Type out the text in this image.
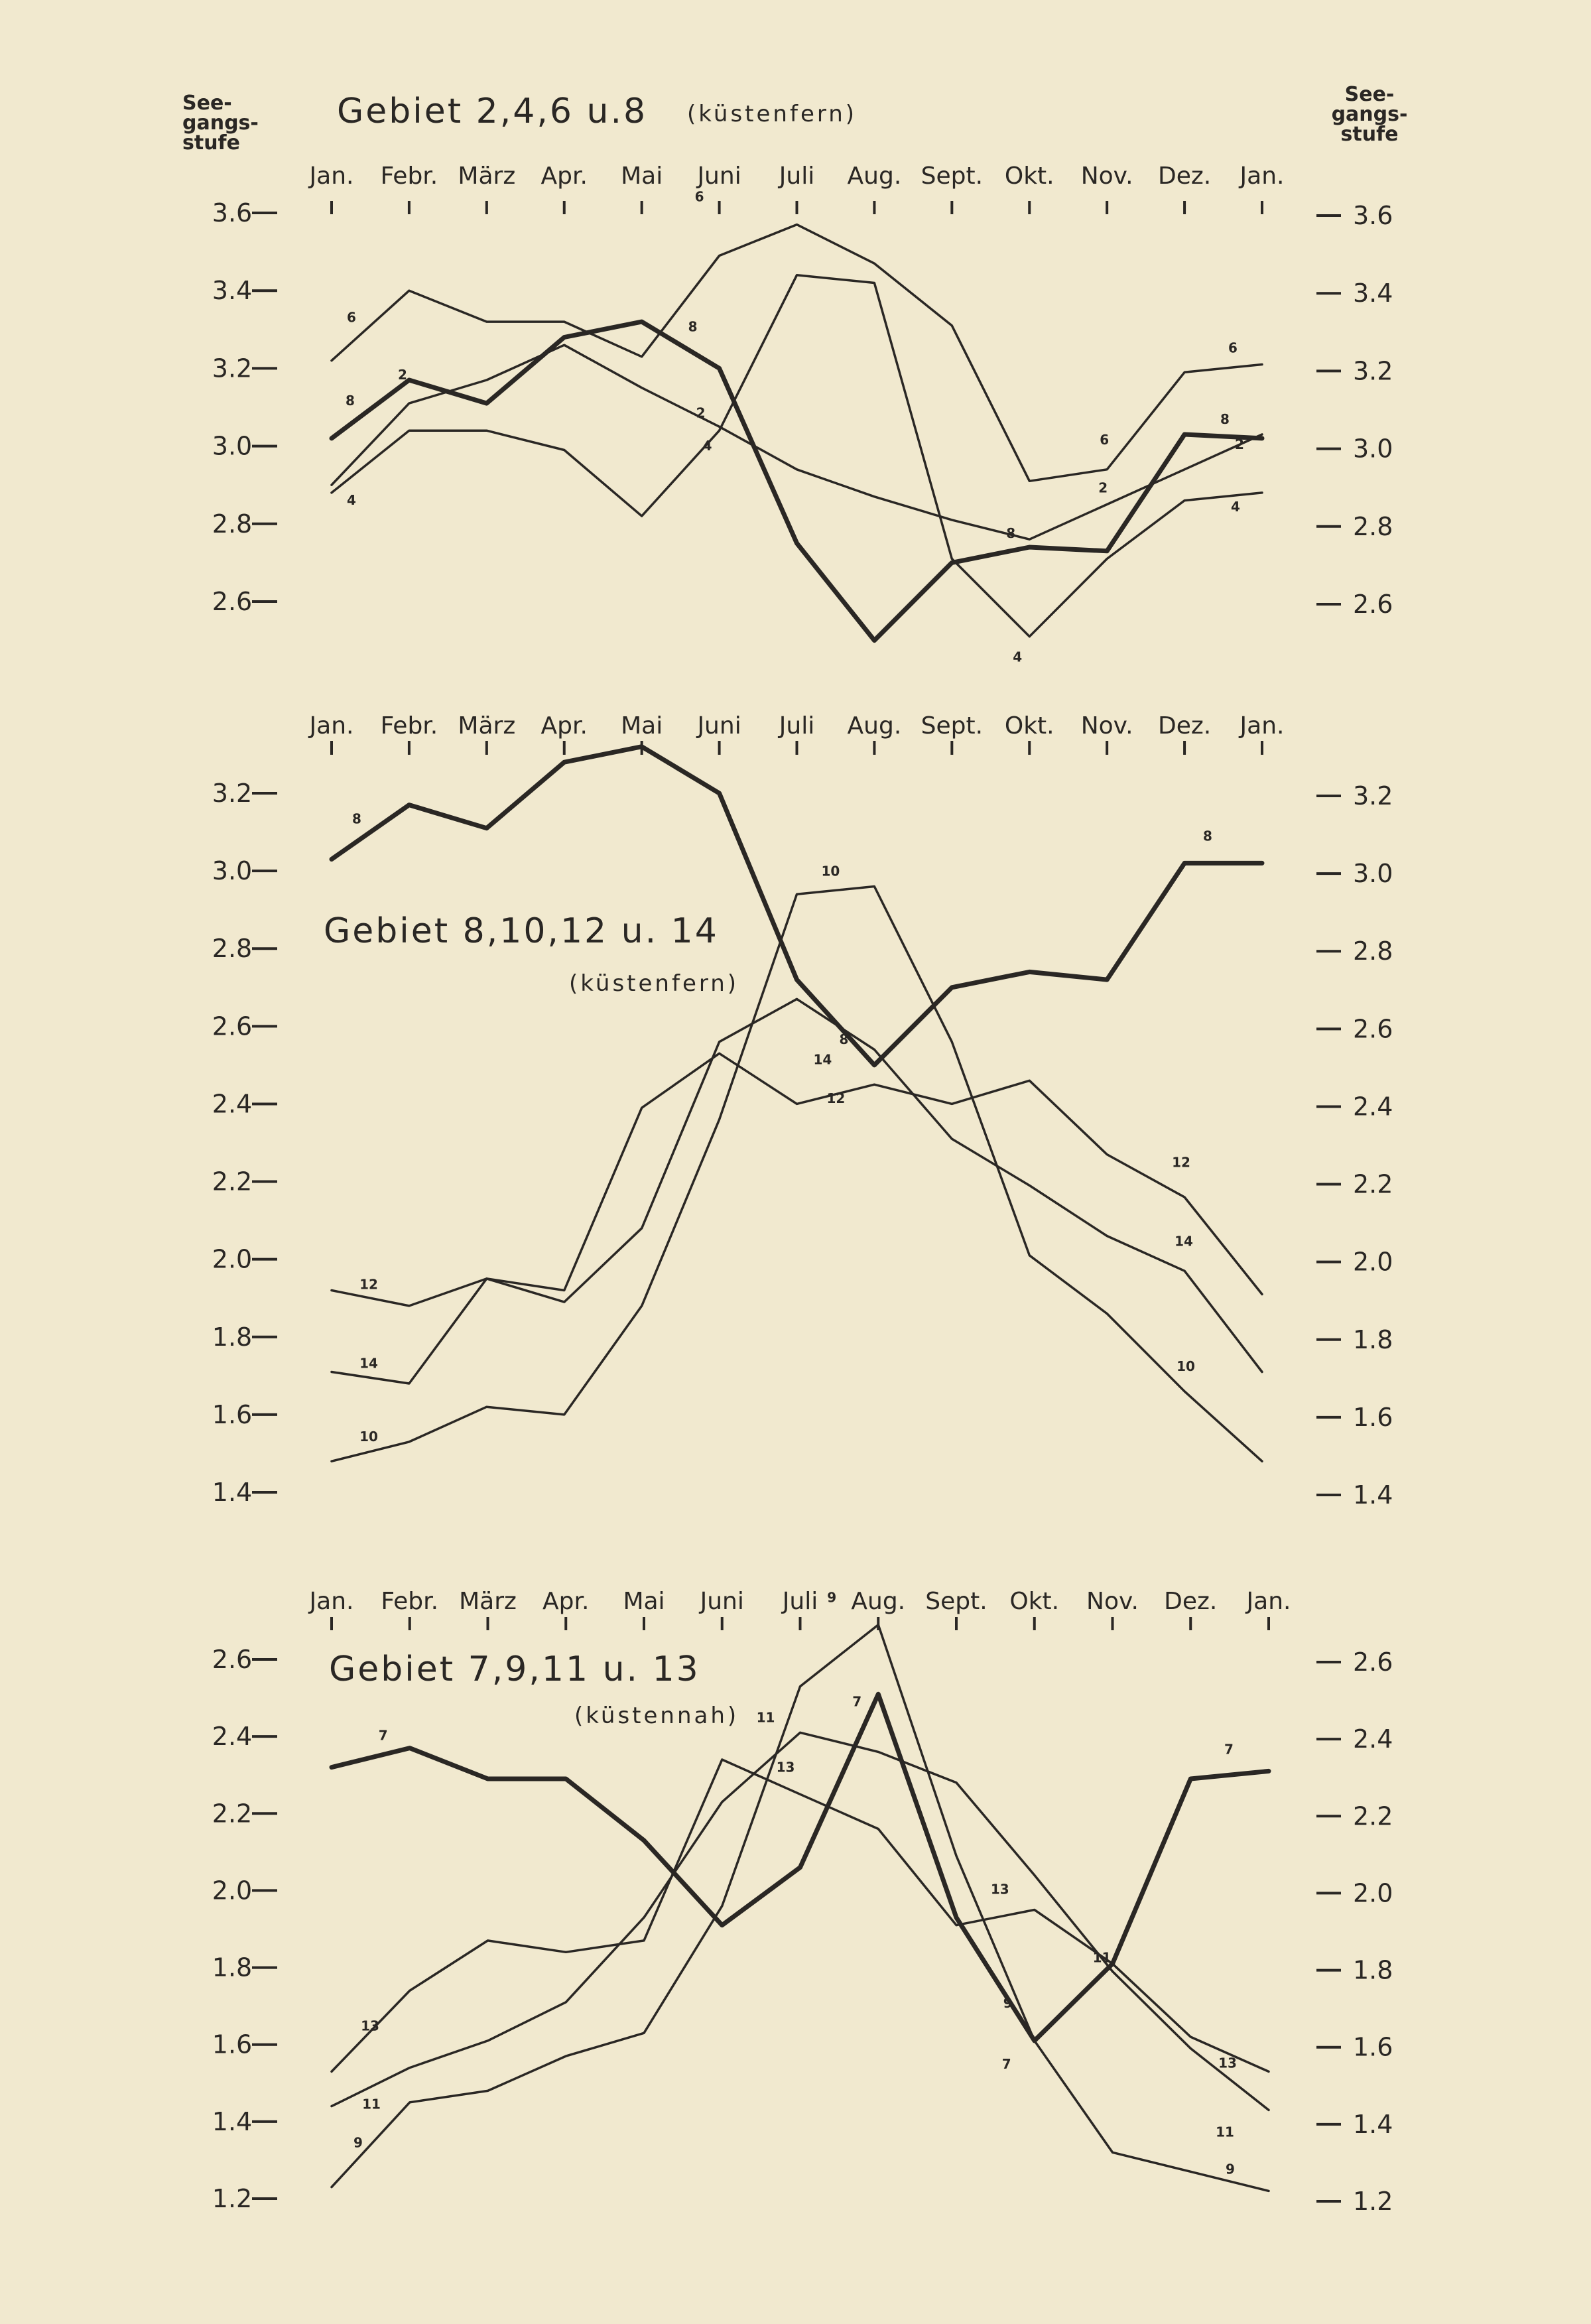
See-
gangs-
stufe
See-
gangs-
stufe
Gebiet 2,4,6 u.8 (küstenfern)
Jan. Febr. März Apr. Mai Juni Juli Aug. Sept. Okt. Nov. Dez. Jan.
3.6	3.6
3.4	3.4
3.2	3.2
3.0	3.0
2.8	2.8
2.6	2.6
2
2
2
2
4
4
4
4
6
6
6
6
8
8
8
8
Gebiet 8,10,12 u. 14
(küstenfern)
Jan. Febr. März Apr. Mai Juni Juli Aug. Sept. Okt. Nov. Dez. Jan.
3.2	3.2
3.0	3.0
2.8	2.8
2.6	2.6
2.4	2.4
2.2	2.2
2.0	2.0
1.8	1.8
1.6	1.6
1.4	1.4
8
8
8
10
10
10
12
12
12
14
14
14
Gebiet 7,9,11 u. 13
(küstennah)
Jan. Febr. März Apr. Mai Juni Juli Aug. Sept. Okt. Nov. Dez. Jan.
2.6	2.6
2.4	2.4
2.2	2.2
2.0	2.0
1.8	1.8
1.6	1.6
1.4	1.4
1.2	1.2
7
7
7
7
9
9
9
9
11
11
11
11
13
13
13
13
